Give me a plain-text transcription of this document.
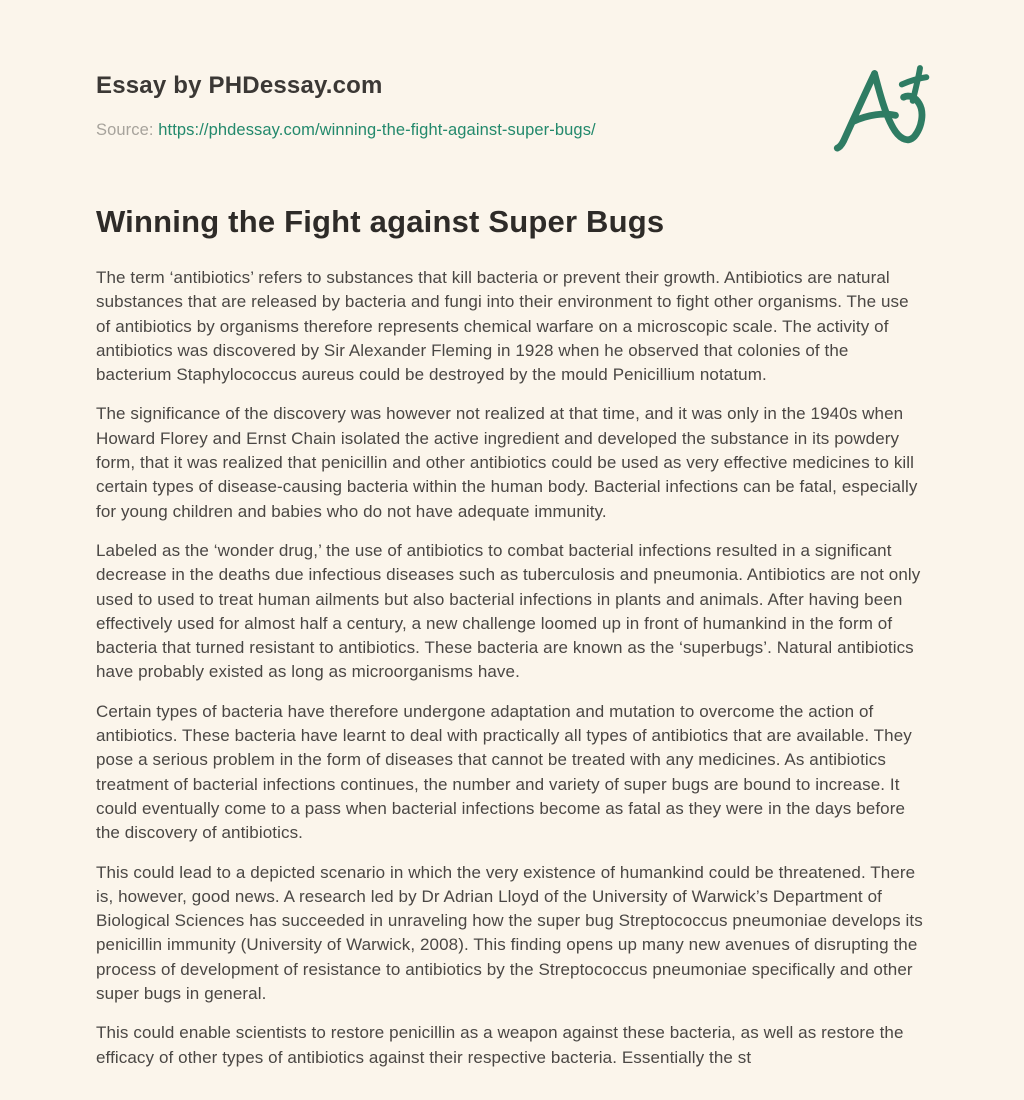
Essay by PHDessay.com
Source: https://phdessay.com/winning-the-fight-against-super-bugs/
Winning the Fight against Super Bugs

The term ‘antibiotics’ refers to substances that kill bacteria or prevent their growth. Antibiotics are natural substances that are released by bacteria and fungi into their environment to fight other organisms. The use of antibiotics by organisms therefore represents chemical warfare on a microscopic scale. The activity of antibiotics was discovered by Sir Alexander Fleming in 1928 when he observed that colonies of the bacterium Staphylococcus aureus could be destroyed by the mould Penicillium notatum.

The significance of the discovery was however not realized at that time, and it was only in the 1940s when Howard Florey and Ernst Chain isolated the active ingredient and developed the substance in its powdery form, that it was realized that penicillin and other antibiotics could be used as very effective medicines to kill certain types of disease-causing bacteria within the human body. Bacterial infections can be fatal, especially for young children and babies who do not have adequate immunity.

Labeled as the ‘wonder drug,’ the use of antibiotics to combat bacterial infections resulted in a significant decrease in the deaths due infectious diseases such as tuberculosis and pneumonia. Antibiotics are not only used to used to treat human ailments but also bacterial infections in plants and animals. After having been effectively used for almost half a century, a new challenge loomed up in front of humankind in the form of bacteria that turned resistant to antibiotics. These bacteria are known as the ‘superbugs’. Natural antibiotics have probably existed as long as microorganisms have.

Certain types of bacteria have therefore undergone adaptation and mutation to overcome the action of antibiotics. These bacteria have learnt to deal with practically all types of antibiotics that are available. They pose a serious problem in the form of diseases that cannot be treated with any medicines. As antibiotics treatment of bacterial infections continues, the number and variety of super bugs are bound to increase. It could eventually come to a pass when bacterial infections become as fatal as they were in the days before the discovery of antibiotics.

This could lead to a depicted scenario in which the very existence of humankind could be threatened. There is, however, good news. A research led by Dr Adrian Lloyd of the University of Warwick’s Department of Biological Sciences has succeeded in unraveling how the super bug Streptococcus pneumoniae develops its penicillin immunity (University of Warwick, 2008). This finding opens up many new avenues of disrupting the process of development of resistance to antibiotics by the Streptococcus pneumoniae specifically and other super bugs in general.

This could enable scientists to restore penicillin as a weapon against these bacteria, as well as restore the efficacy of other types of antibiotics against their respective bacteria. Essentially the st
